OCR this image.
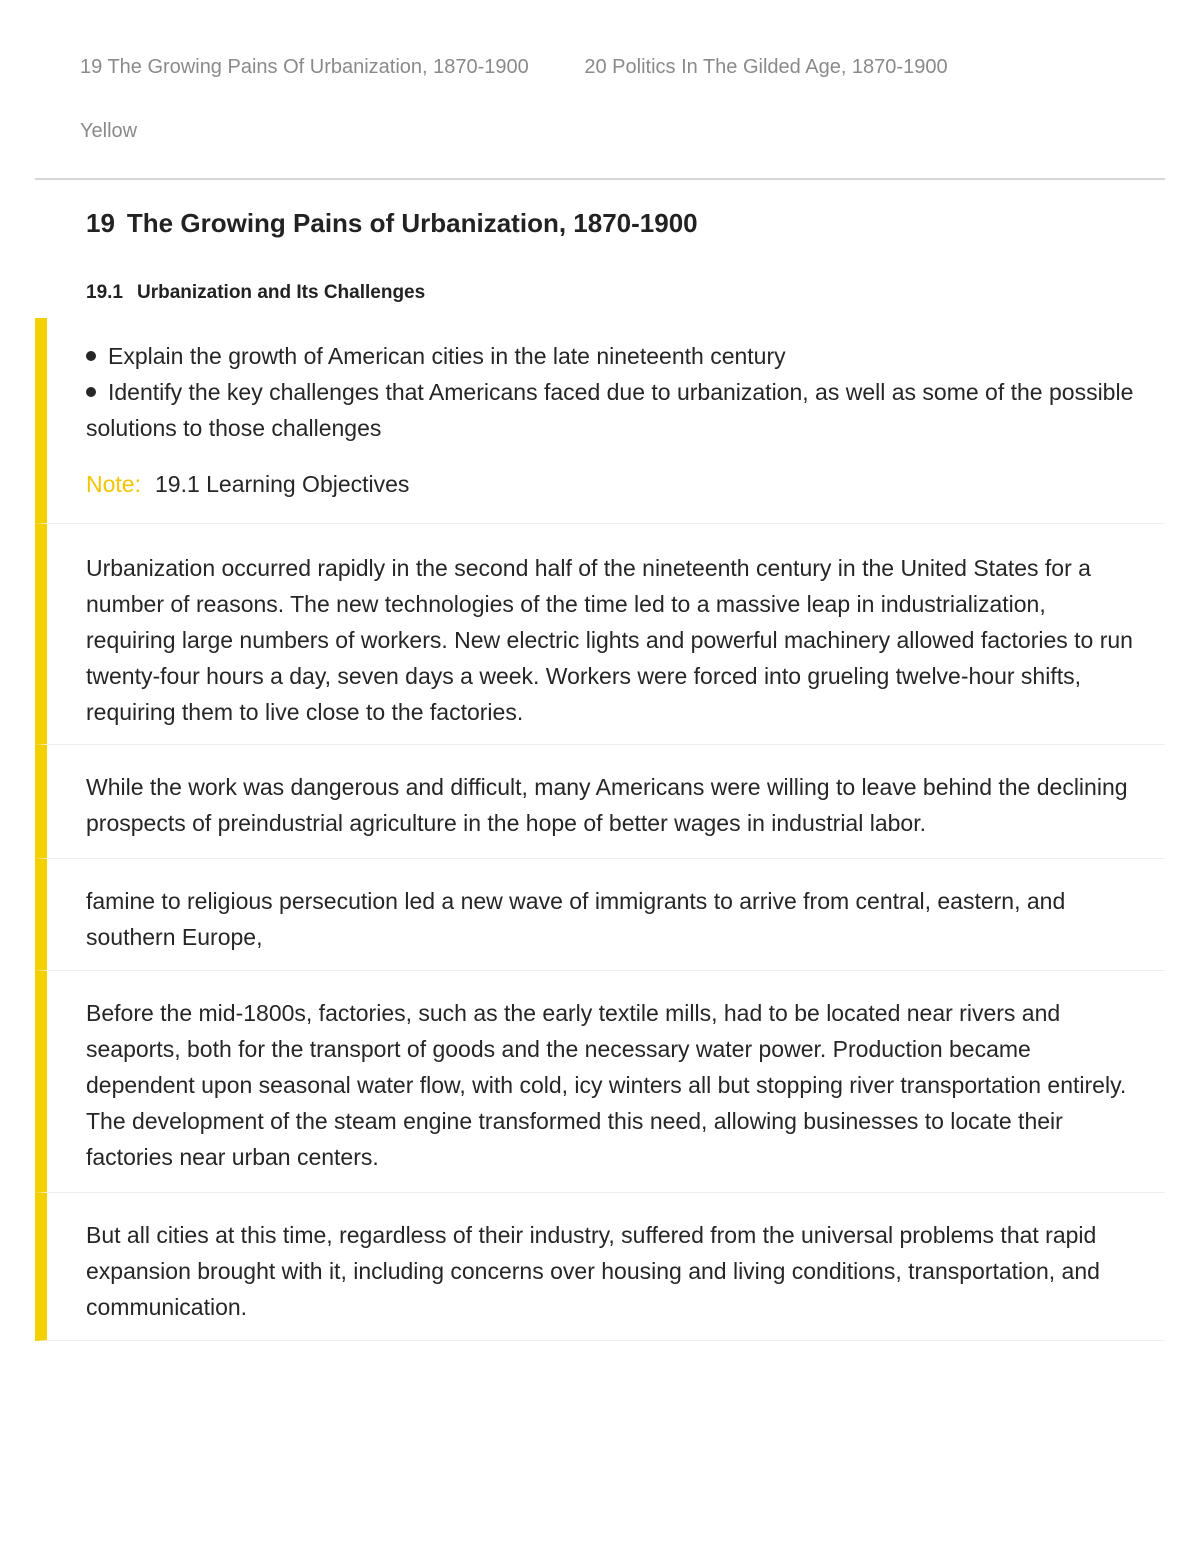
19 The Growing Pains Of Urbanization, 1870-1900	20 Politics In The Gilded Age, 1870-1900
Yellow
19 The Growing Pains of Urbanization, 1870-1900
19.1 Urbanization and Its Challenges
Explain the growth of American cities in the late nineteenth century
Identify the key challenges that Americans faced due to urbanization, as well as some of the possible solutions to those challenges
Note: 19.1 Learning Objectives

Urbanization occurred rapidly in the second half of the nineteenth century in the United States for a number of reasons. The new technologies of the time led to a massive leap in industrialization, requiring large numbers of workers. New electric lights and powerful machinery allowed factories to run twenty-four hours a day, seven days a week. Workers were forced into grueling twelve-hour shifts, requiring them to live close to the factories.

While the work was dangerous and difficult, many Americans were willing to leave behind the declining prospects of preindustrial agriculture in the hope of better wages in industrial labor.

famine to religious persecution led a new wave of immigrants to arrive from central, eastern, and southern Europe,

Before the mid-1800s, factories, such as the early textile mills, had to be located near rivers and seaports, both for the transport of goods and the necessary water power. Production became dependent upon seasonal water flow, with cold, icy winters all but stopping river transportation entirely. The development of the steam engine transformed this need, allowing businesses to locate their factories near urban centers.

But all cities at this time, regardless of their industry, suffered from the universal problems that rapid expansion brought with it, including concerns over housing and living conditions, transportation, and communication.
